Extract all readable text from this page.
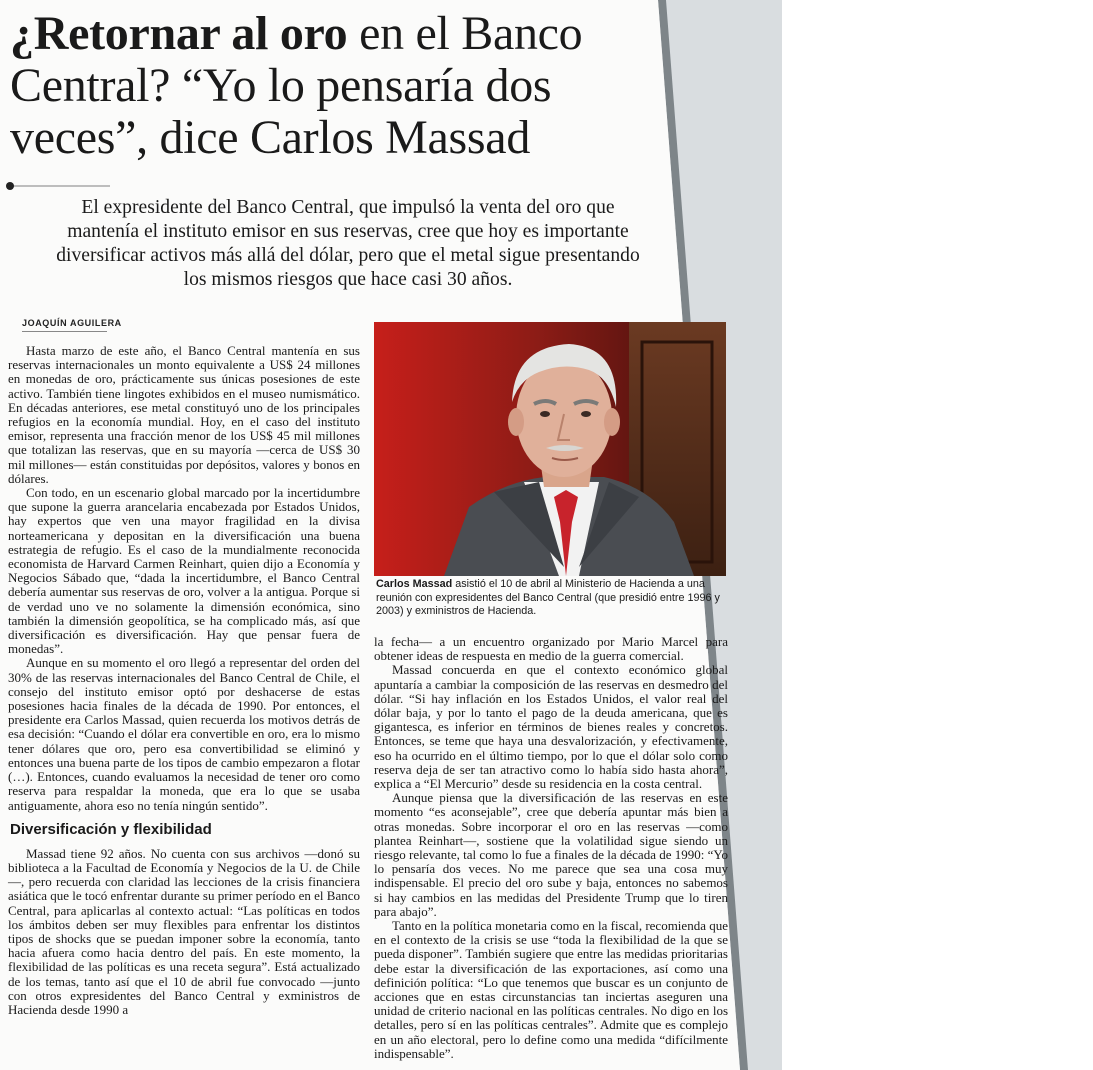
¿Retornar al oro en el Banco Central? “Yo lo pensaría dos veces”, dice Carlos Massad

El expresidente del Banco Central, que impulsó la venta del oro que mantenía el instituto emisor en sus reservas, cree que hoy es importante diversificar activos más allá del dólar, pero que el metal sigue presentando los mismos riesgos que hace casi 30 años.

JOAQUÍN AGUILERA

Hasta marzo de este año, el Banco Central mantenía en sus reservas internacionales un monto equivalente a US$ 24 millones en monedas de oro, prácticamente sus únicas posesiones de este activo. También tiene lingotes exhibidos en el museo numismático. En décadas anteriores, ese metal constituyó uno de los principales refugios en la economía mundial. Hoy, en el caso del instituto emisor, representa una fracción menor de los US$ 45 mil millones que totalizan las reservas, que en su mayoría —cerca de US$ 30 mil millones— están constituidas por depósitos, valores y bonos en dólares.

Con todo, en un escenario global marcado por la incertidumbre que supone la guerra arancelaria encabezada por Estados Unidos, hay expertos que ven una mayor fragilidad en la divisa norteamericana y depositan en la diversificación una buena estrategia de refugio. Es el caso de la mundialmente reconocida economista de Harvard Carmen Reinhart, quien dijo a Economía y Negocios Sábado que, “dada la incertidumbre, el Banco Central debería aumentar sus reservas de oro, volver a la antigua. Porque si de verdad uno ve no solamente la dimensión económica, sino también la dimensión geopolítica, se ha complicado más, así que diversificación es diversificación. Hay que pensar fuera de monedas”.

Aunque en su momento el oro llegó a representar del orden del 30% de las reservas internacionales del Banco Central de Chile, el consejo del instituto emisor optó por deshacerse de estas posesiones hacia finales de la década de 1990. Por entonces, el presidente era Carlos Massad, quien recuerda los motivos detrás de esa decisión: “Cuando el dólar era convertible en oro, era lo mismo tener dólares que oro, pero esa convertibilidad se eliminó y entonces una buena parte de los tipos de cambio empezaron a flotar (…). Entonces, cuando evaluamos la necesidad de tener oro como reserva para respaldar la moneda, que era lo que se usaba antiguamente, ahora eso no tenía ningún sentido”.

Diversificación y flexibilidad

Massad tiene 92 años. No cuenta con sus archivos —donó su biblioteca a la Facultad de Economía y Negocios de la U. de Chile—, pero recuerda con claridad las lecciones de la crisis financiera asiática que le tocó enfrentar durante su primer período en el Banco Central, para aplicarlas al contexto actual: “Las políticas en todos los ámbitos deben ser muy flexibles para enfrentar los distintos tipos de shocks que se puedan imponer sobre la economía, tanto hacia afuera como hacia dentro del país. En este momento, la flexibilidad de las políticas es una receta segura”. Está actualizado de los temas, tanto así que el 10 de abril fue convocado —junto con otros expresidentes del Banco Central y exministros de Hacienda desde 1990 a

FELIPE BÁEZ
Carlos Massad asistió el 10 de abril al Ministerio de Hacienda a una reunión con expresidentes del Banco Central (que presidió entre 1996 y 2003) y exministros de Hacienda.

la fecha— a un encuentro organizado por Mario Marcel para obtener ideas de respuesta en medio de la guerra comercial.

Massad concuerda en que el contexto económico global apuntaría a cambiar la composición de las reservas en desmedro del dólar. “Si hay inflación en los Estados Unidos, el valor real del dólar baja, y por lo tanto el pago de la deuda americana, que es gigantesca, es inferior en términos de bienes reales y concretos. Entonces, se teme que haya una desvalorización, y efectivamente, eso ha ocurrido en el último tiempo, por lo que el dólar solo como reserva deja de ser tan atractivo como lo había sido hasta ahora”, explica a “El Mercurio” desde su residencia en la costa central.

Aunque piensa que la diversificación de las reservas en este momento “es aconsejable”, cree que debería apuntar más bien a otras monedas. Sobre incorporar el oro en las reservas —como plantea Reinhart—, sostiene que la volatilidad sigue siendo un riesgo relevante, tal como lo fue a finales de la década de 1990: “Yo lo pensaría dos veces. No me parece que sea una cosa muy indispensable. El precio del oro sube y baja, entonces no sabemos si hay cambios en las medidas del Presidente Trump que lo tiren para abajo”.

Tanto en la política monetaria como en la fiscal, recomienda que en el contexto de la crisis se use “toda la flexibilidad de la que se pueda disponer”. También sugiere que entre las medidas prioritarias debe estar la diversificación de las exportaciones, así como una definición política: “Lo que tenemos que buscar es un conjunto de acciones que en estas circunstancias tan inciertas aseguren una unidad de criterio nacional en las políticas centrales. No digo en los detalles, pero sí en las políticas centrales”. Admite que es complejo en un año electoral, pero lo define como una medida “difícilmente indispensable”.
